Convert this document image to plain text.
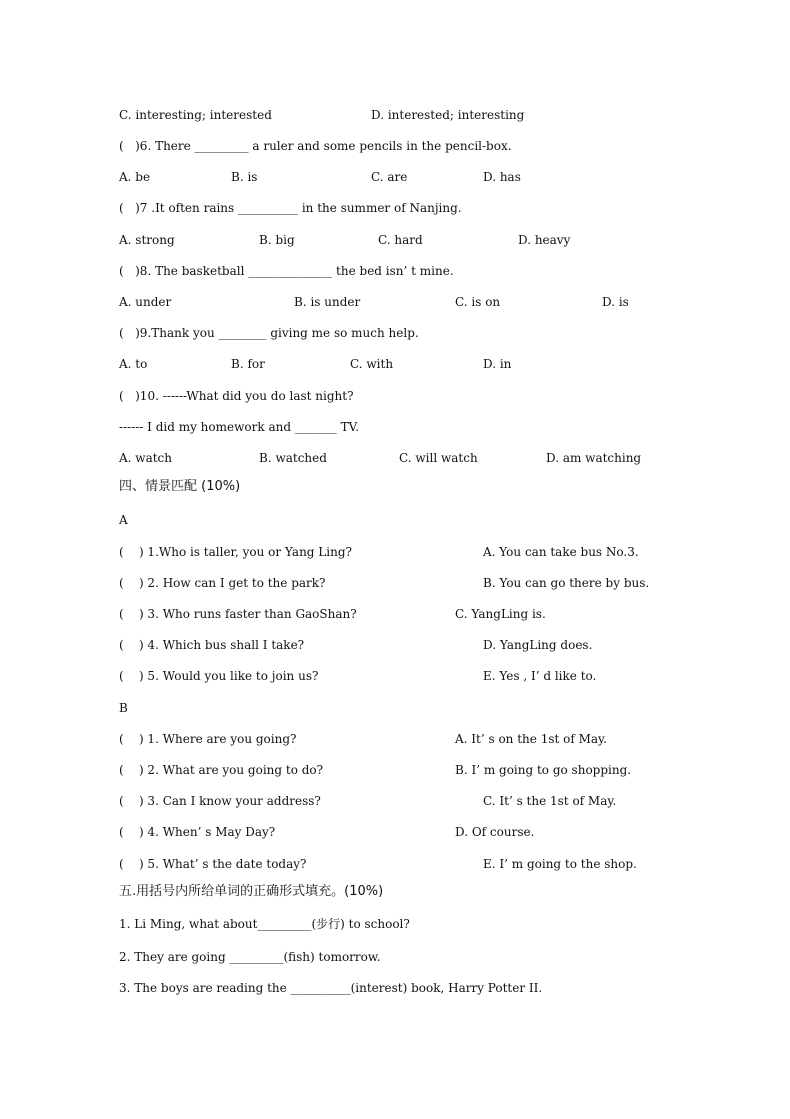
C. interesting; interested	D. interested; interesting
(   )6. There _________ a ruler and some pencils in the pencil-box.
A. be	B. is	C. are	D. has
(   )7 .It often rains __________ in the summer of Nanjing.
A. strong	B. big	C. hard	D. heavy
(   )8. The basketball ______________ the bed isn’ t mine.
A. under	B. is under	C. is on	D. is
(   )9.Thank you ________ giving me so much help.
A. to	B. for	C. with	D. in
(   )10. ------What did you do last night?
------ I did my homework and _______ TV.
A. watch	B. watched	C. will watch	D. am watching
四、情景匹配 (10%)
A
(    ) 1.Who is taller, you or Yang Ling?	A. You can take bus No.3.
(    ) 2. How can I get to the park?	B. You can go there by bus.
(    ) 3. Who runs faster than GaoShan?	C. YangLing is.
(    ) 4. Which bus shall I take?	D. YangLing does.
(    ) 5. Would you like to join us?	E. Yes , I’ d like to.
B
(    ) 1. Where are you going?	A. It’ s on the 1st of May.
(    ) 2. What are you going to do?	B. I’ m going to go shopping.
(    ) 3. Can I know your address?	C. It’ s the 1st of May.
(    ) 4. When’ s May Day?	D. Of course.
(    ) 5. What’ s the date today?	E. I’ m going to the shop.
五.用括号内所给单词的正确形式填充。(10%)
1. Li Ming, what about_________(步行) to school?
2. They are going _________(fish) tomorrow.
3. The boys are reading the __________(interest) book, Harry Potter II.
